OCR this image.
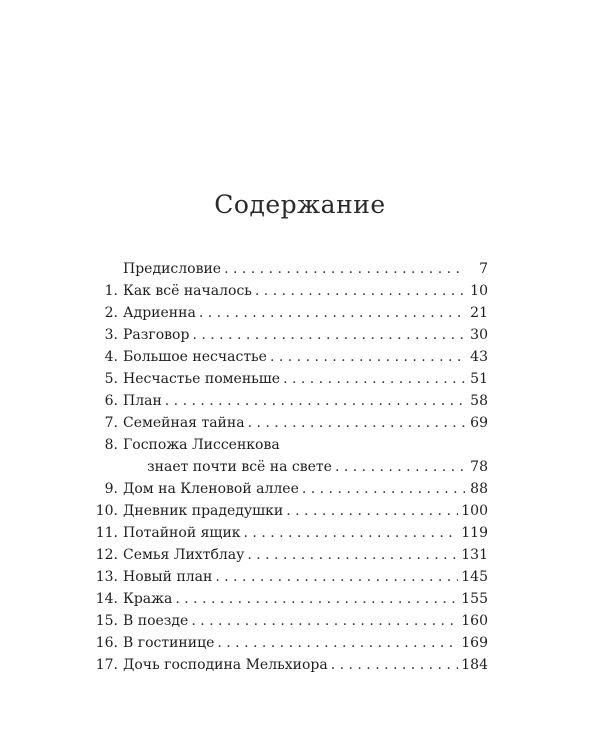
Содержание
Предисловие . . .	7
1. Как всё началось . . .	10
2. Адриенна . . .	21
3. Разговор . . .	30
4. Большое несчастье . . .	43
5. Несчастье поменьше . . .	51
6. План . . .	58
7. Семейная тайна . . .	69
8. Госпожа Лиссенкова
знает почти всё на свете . . .	78
9. Дом на Кленовой аллее . . .	88
10. Дневник прадедушки . . .	100
11. Потайной ящик . . .	119
12. Семья Лихтблау . . .	131
13. Новый план . . .	145
14. Кража . . .	155
15. В поезде . . .	160
16. В гостинице . . .	169
17. Дочь господина Мельхиора . . .	184
